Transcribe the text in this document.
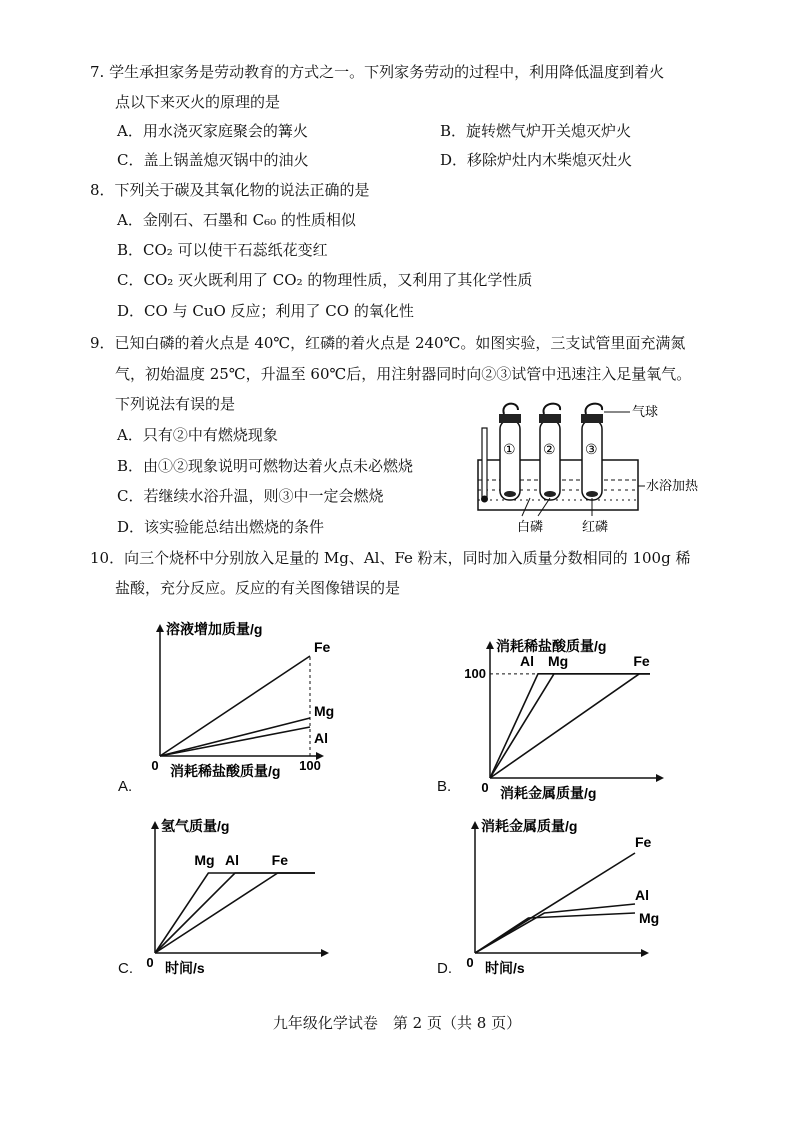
7. 学生承担家务是劳动教育的方式之一。下列家务劳动的过程中，利用降低温度到着火
点以下来灭火的原理的是
A．用水浇灭家庭聚会的篝火	B．旋转燃气炉开关熄灭炉火
C．盖上锅盖熄灭锅中的油火	D．移除炉灶内木柴熄灭灶火
8．下列关于碳及其氧化物的说法正确的是
A．金刚石、石墨和 C₆₀ 的性质相似
B．CO₂ 可以使干石蕊纸花变红
C．CO₂ 灭火既利用了 CO₂ 的物理性质，又利用了其化学性质
D．CO 与 CuO 反应；利用了 CO 的氧化性
9．已知白磷的着火点是 40℃，红磷的着火点是 240℃。如图实验，三支试管里面充满氮
气，初始温度 25℃，升温至 60℃后，用注射器同时向②③试管中迅速注入足量氧气。
下列说法有误的是
A．只有②中有燃烧现象
B．由①②现象说明可燃物达着火点未必燃烧
C．若继续水浴升温，则③中一定会燃烧
D．该实验能总结出燃烧的条件
① ② ③
气球
水浴加热
白磷	红磷
10．向三个烧杯中分别放入足量的 Mg、Al、Fe 粉末，同时加入质量分数相同的 100g 稀
盐酸，充分反应。反应的有关图像错误的是
溶液增加质量/g
消耗稀盐酸质量/g
0	100
Fe
Mg
Al
消耗稀盐酸质量/g
消耗金属质量/g
0
100
Al Mg	Fe
氢气质量/g
时间/s
0
Mg Al Fe
消耗金属质量/g
时间/s
0
Fe
Al
Mg
A.	B.
C.	D.
九年级化学试卷　第 2 页（共 8 页）
